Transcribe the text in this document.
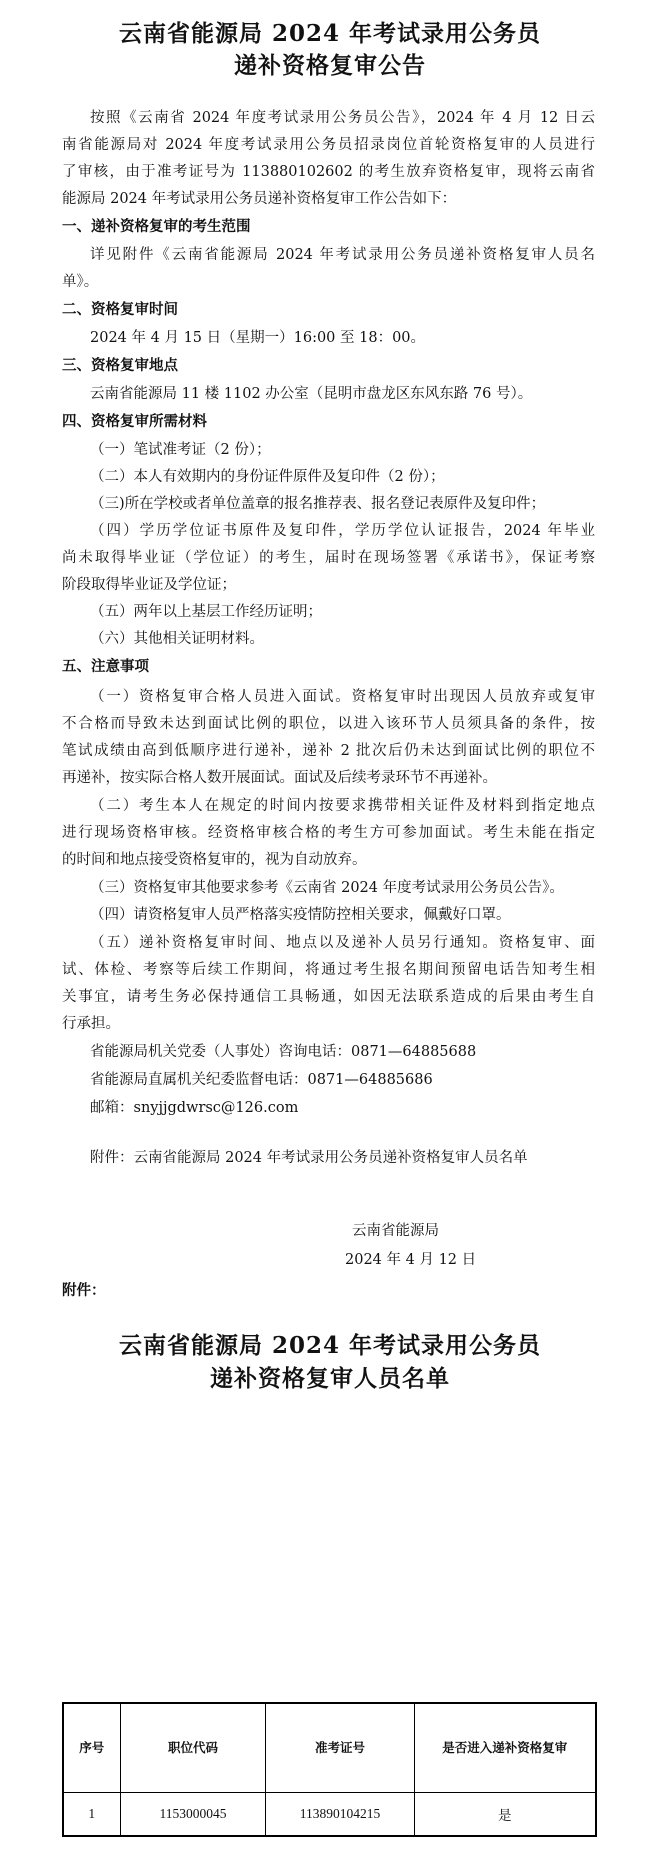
云南省能源局 2024 年考试录用公务员
递补资格复审公告
按照《云南省 2024 年度考试录用公务员公告》，2024 年 4 月 12 日云
南省能源局对 2024 年度考试录用公务员招录岗位首轮资格复审的人员进行
了审核，由于准考证号为 113880102602 的考生放弃资格复审，现将云南省
能源局 2024 年考试录用公务员递补资格复审工作公告如下：
一、递补资格复审的考生范围
详见附件《云南省能源局 2024 年考试录用公务员递补资格复审人员名
单》。
二、资格复审时间
2024 年 4 月 15 日（星期一）16:00 至 18：00。
三、资格复审地点
云南省能源局 11 楼 1102 办公室（昆明市盘龙区东风东路 76 号）。
四、资格复审所需材料
（一）笔试准考证（2 份）；
（二）本人有效期内的身份证件原件及复印件（2 份）；
（三)所在学校或者单位盖章的报名推荐表、报名登记表原件及复印件；
（四）学历学位证书原件及复印件，学历学位认证报告，2024 年毕业
尚未取得毕业证（学位证）的考生，届时在现场签署《承诺书》，保证考察
阶段取得毕业证及学位证；
（五）两年以上基层工作经历证明；
（六）其他相关证明材料。
五、注意事项
（一）资格复审合格人员进入面试。资格复审时出现因人员放弃或复审
不合格而导致未达到面试比例的职位，以进入该环节人员须具备的条件，按
笔试成绩由高到低顺序进行递补，递补 2 批次后仍未达到面试比例的职位不
再递补，按实际合格人数开展面试。面试及后续考录环节不再递补。
（二）考生本人在规定的时间内按要求携带相关证件及材料到指定地点
进行现场资格审核。经资格审核合格的考生方可参加面试。考生未能在指定
的时间和地点接受资格复审的，视为自动放弃。
（三）资格复审其他要求参考《云南省 2024 年度考试录用公务员公告》。
（四）请资格复审人员严格落实疫情防控相关要求，佩戴好口罩。
（五）递补资格复审时间、地点以及递补人员另行通知。资格复审、面
试、体检、考察等后续工作期间，将通过考生报名期间预留电话告知考生相
关事宜，请考生务必保持通信工具畅通，如因无法联系造成的后果由考生自
行承担。
省能源局机关党委（人事处）咨询电话：0871—64885688
省能源局直属机关纪委监督电话：0871—64885686
邮箱：snyjjgdwrsc@126.com
附件：云南省能源局 2024 年考试录用公务员递补资格复审人员名单
云南省能源局
2024 年 4 月 12 日
附件：
云南省能源局 2024 年考试录用公务员
递补资格复审人员名单
序号	职位代码	准考证号	是否进入递补资格复审
1	1153000045	113890104215	是
